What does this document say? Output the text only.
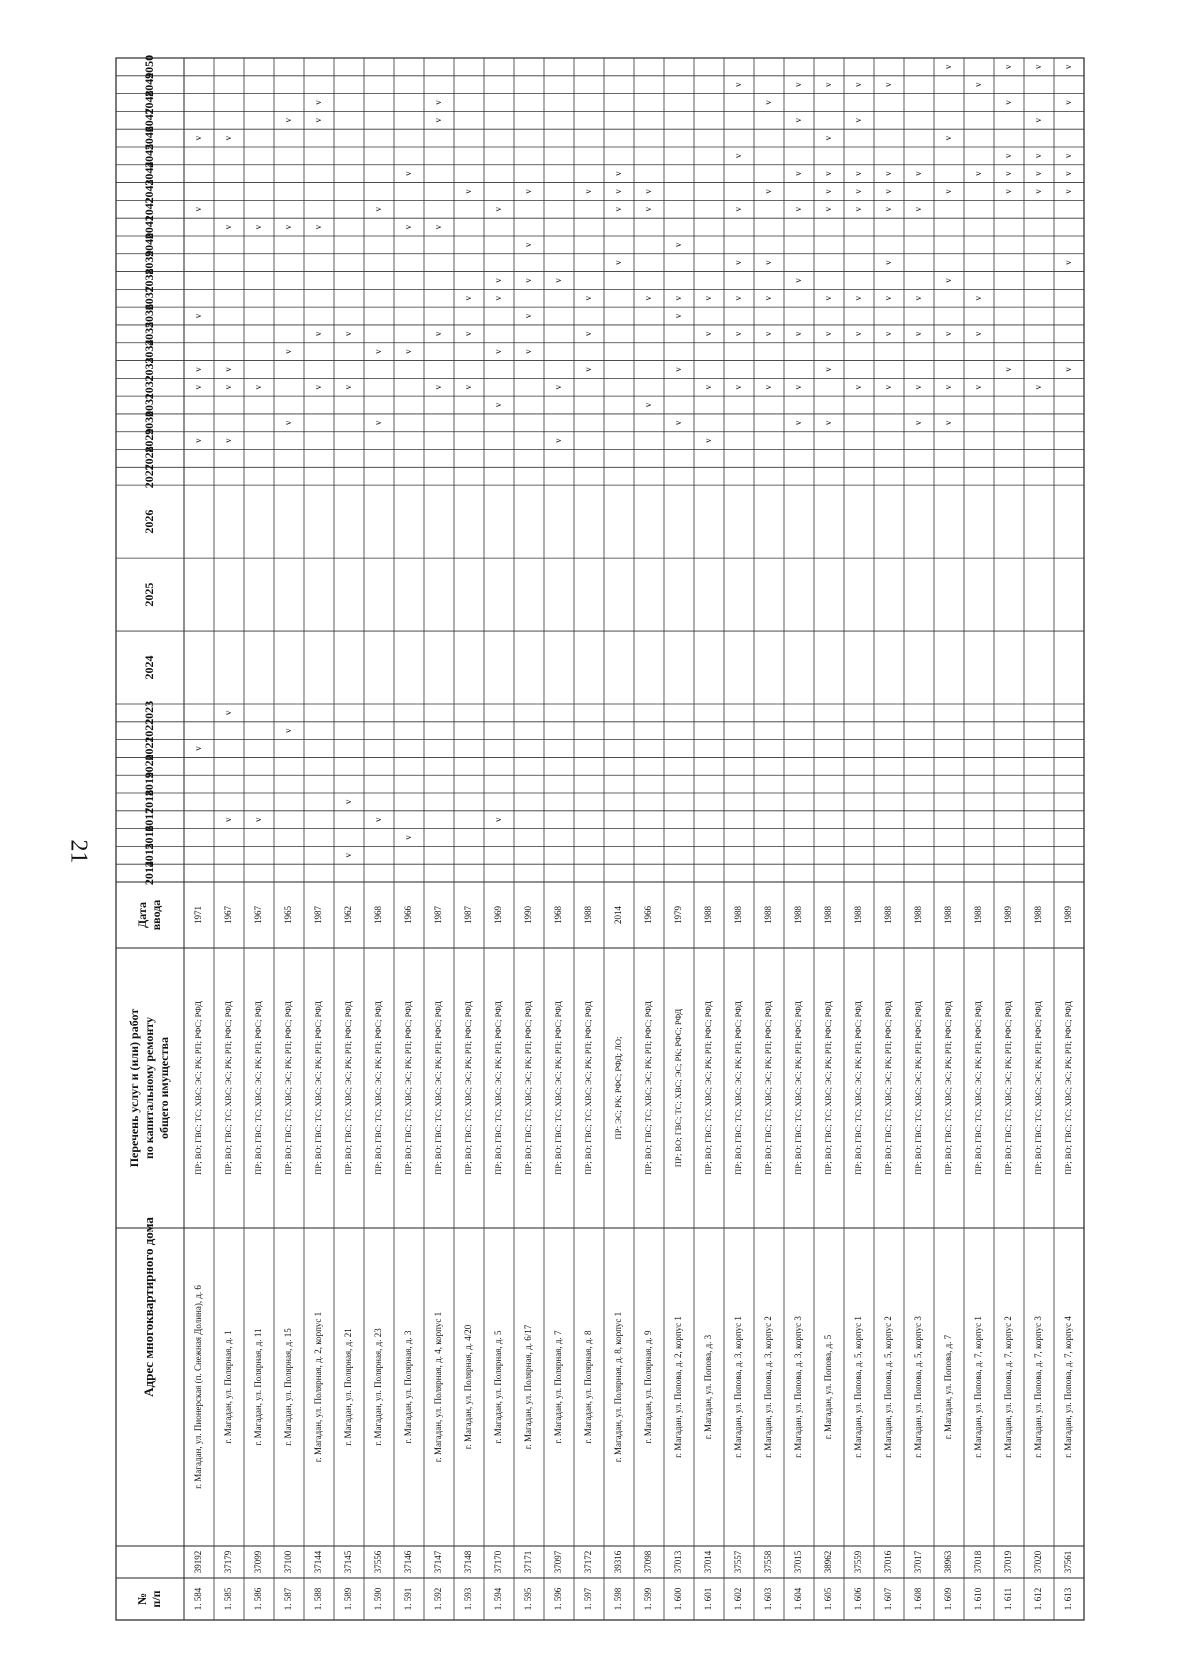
21
№ п/п
Адрес многоквартирного дома
Перечень услуг и (или) работ по капитальному ремонту общего имущества
Дата ввода
2014
2015
2016
2017
2018
2019
2020
2021
2022
2023
2024
2025
2026
2027
2028
2029
2030
2031
2032
2033
2034
2035
2036
2037
2038
2039
2040
2041
2042
2043
2044
2045
2046
2047
2048
2049
2050
1. 584
39192
г. Магадан, ул. Пионерская (п. Снежная Долина), д. 6
ПР; ВО; ГВС; ТС; ХВС; ЭС; РК; РП; РФС; РФД
1971
v
v
v
v
v
v
v
1. 585
37179
г. Магадан, ул. Полярная, д. 1
ПР; ВО; ГВС; ТС; ХВС; ЭС; РК; РП; РФС; РФД
1967
v
v
v
v
v
v
v
1. 586
37099
г. Магадан, ул. Полярная, д. 11
ПР; ВО; ГВС; ТС; ХВС; ЭС; РК; РП; РФС; РФД
1967
v
v
v
1. 587
37100
г. Магадан, ул. Полярная, д. 15
ПР; ВО; ГВС; ТС; ХВС; ЭС; РК; РП; РФС; РФД
1965
v
v
v
v
v
1. 588
37144
г. Магадан, ул. Полярная, д. 2, корпус 1
ПР; ВО; ГВС; ТС; ХВС; ЭС; РК; РП; РФС; РФД
1987
v
v
v
v
v
1. 589
37145
г. Магадан, ул. Полярная, д. 21
ПР; ВО; ГВС; ТС; ХВС; ЭС; РК; РП; РФС; РФД
1962
v
v
v
v
1. 590
37556
г. Магадан, ул. Полярная, д. 23
ПР; ВО; ГВС; ТС; ХВС; ЭС; РК; РП; РФС; РФД
1968
v
v
v
v
1. 591
37146
г. Магадан, ул. Полярная, д. 3
ПР; ВО; ГВС; ТС; ХВС; ЭС; РК; РП; РФС; РФД
1966
v
v
v
v
1. 592
37147
г. Магадан, ул. Полярная, д. 4, корпус 1
ПР; ВО; ГВС; ТС; ХВС; ЭС; РК; РП; РФС; РФД
1987
v
v
v
v
v
1. 593
37148
г. Магадан, ул. Полярная, д. 4/20
ПР; ВО; ГВС; ТС; ХВС; ЭС; РК; РП; РФС; РФД
1987
v
v
v
v
1. 594
37170
г. Магадан, ул. Полярная, д. 5
ПР; ВО; ГВС; ТС; ХВС; ЭС; РК; РП; РФС; РФД
1969
v
v
v
v
v
v
1. 595
37171
г. Магадан, ул. Полярная, д. 6/17
ПР; ВО; ГВС; ТС; ХВС; ЭС; РК; РП; РФС; РФД
1990
v
v
v
v
v
1. 596
37097
г. Магадан, ул. Полярная, д. 7
ПР; ВО; ГВС; ТС; ХВС; ЭС; РК; РП; РФС; РФД
1968
v
v
v
1. 597
37172
г. Магадан, ул. Полярная, д. 8
ПР; ВО; ГВС; ТС; ХВС; ЭС; РК; РП; РФС; РФД
1988
v
v
v
v
1. 598
39316
г. Магадан, ул. Полярная, д. 8, корпус 1
ПР; ЭС; РК; РФС; РФД; ЛО;
2014
v
v
v
v
1. 599
37098
г. Магадан, ул. Полярная, д. 9
ПР; ВО; ГВС; ТС; ХВС; ЭС; РК; РП; РФС; РФД
1966
v
v
v
v
1. 600
37013
г. Магадан, ул. Попова, д. 2, корпус 1
ПР; ВО; ГВС; ТС; ХВС; ЭС; РК; РФС; РФД
1979
v
v
v
v
v
1. 601
37014
г. Магадан, ул. Попова, д. 3
ПР; ВО; ГВС; ТС; ХВС; ЭС; РК; РП; РФС; РФД
1988
v
v
v
v
1. 602
37557
г. Магадан, ул. Попова, д. 3, корпус 1
ПР; ВО; ГВС; ТС; ХВС; ЭС; РК; РП; РФС; РФД
1988
v
v
v
v
v
v
v
1. 603
37558
г. Магадан, ул. Попова, д. 3, корпус 2
ПР; ВО; ГВС; ТС; ХВС; ЭС; РК; РП; РФС; РФД
1988
v
v
v
v
v
v
1. 604
37015
г. Магадан, ул. Попова, д. 3, корпус 3
ПР; ВО; ГВС; ТС; ХВС; ЭС; РК; РП; РФС; РФД
1988
v
v
v
v
v
v
v
v
1. 605
38962
г. Магадан, ул. Попова, д. 5
ПР; ВО; ГВС; ТС; ХВС; ЭС; РК; РП; РФС; РФД
1988
v
v
v
v
v
v
v
v
v
1. 606
37559
г. Магадан, ул. Попова, д. 5, корпус 1
ПР; ВО; ГВС; ТС; ХВС; ЭС; РК; РП; РФС; РФД
1988
v
v
v
v
v
v
v
v
1. 607
37016
г. Магадан, ул. Попова, д. 5, корпус 2
ПР; ВО; ГВС; ТС; ХВС; ЭС; РК; РП; РФС; РФД
1988
v
v
v
v
v
v
v
v
1. 608
37017
г. Магадан, ул. Попова, д. 5, корпус 3
ПР; ВО; ГВС; ТС; ХВС; ЭС; РК; РП; РФС; РФД
1988
v
v
v
v
v
v
1. 609
38963
г. Магадан, ул. Попова, д. 7
ПР; ВО; ГВС; ТС; ХВС; ЭС; РК; РП; РФС; РФД
1988
v
v
v
v
v
v
v
1. 610
37018
г. Магадан, ул. Попова, д. 7, корпус 1
ПР; ВО; ГВС; ТС; ХВС; ЭС; РК; РП; РФС; РФД
1988
v
v
v
v
v
1. 611
37019
г. Магадан, ул. Попова, д. 7, корпус 2
ПР; ВО; ГВС; ТС; ХВС; ЭС; РК; РП; РФС; РФД
1989
v
v
v
v
v
v
1. 612
37020
г. Магадан, ул. Попова, д. 7, корпус 3
ПР; ВО; ГВС; ТС; ХВС; ЭС; РК; РП; РФС; РФД
1988
v
v
v
v
v
v
1. 613
37561
г. Магадан, ул. Попова, д. 7, корпус 4
ПР; ВО; ГВС; ТС; ХВС; ЭС; РК; РП; РФС; РФД
1989
v
v
v
v
v
v
v
